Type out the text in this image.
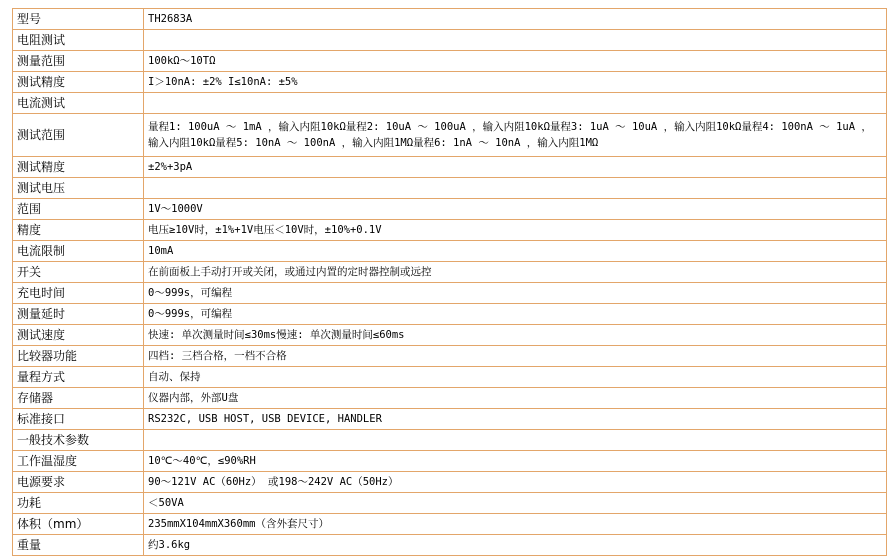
型号	TH2683A
电阻测试	
测量范围	100kΩ～10TΩ
测试精度	I＞10nA: ±2% I≤10nA: ±5%
电流测试	
测试范围	量程1: 100uA ～ 1mA ，输入内阻10kΩ量程2: 10uA ～ 100uA ，输入内阻10kΩ量程3: 1uA ～ 10uA ，输入内阻10kΩ量程4: 100nA ～ 1uA ，输入内阻10kΩ量程5: 10nA ～ 100nA ，输入内阻1MΩ量程6: 1nA ～ 10nA ，输入内阻1MΩ
测试精度	±2%+3pA
测试电压	
范围	1V～1000V
精度	电压≥10V时，±1%+1V电压＜10V时，±10%+0.1V
电流限制	10mA
开关	在前面板上手动打开或关闭，或通过内置的定时器控制或远控
充电时间	0～999s，可编程
测量延时	0～999s，可编程
测试速度	快速: 单次测量时间≤30ms慢速: 单次测量时间≤60ms
比较器功能	四档: 三档合格，一档不合格
量程方式	自动、保持
存储器	仪器内部，外部U盘
标准接口	RS232C, USB HOST, USB DEVICE, HANDLER
一般技术参数	
工作温湿度	10℃～40℃，≤90%RH
电源要求	90～121V AC（60Hz） 或198～242V AC（50Hz）
功耗	＜50VA
体积（mm）	235mmX104mmX360mm（含外套尺寸）
重量	约3.6kg
